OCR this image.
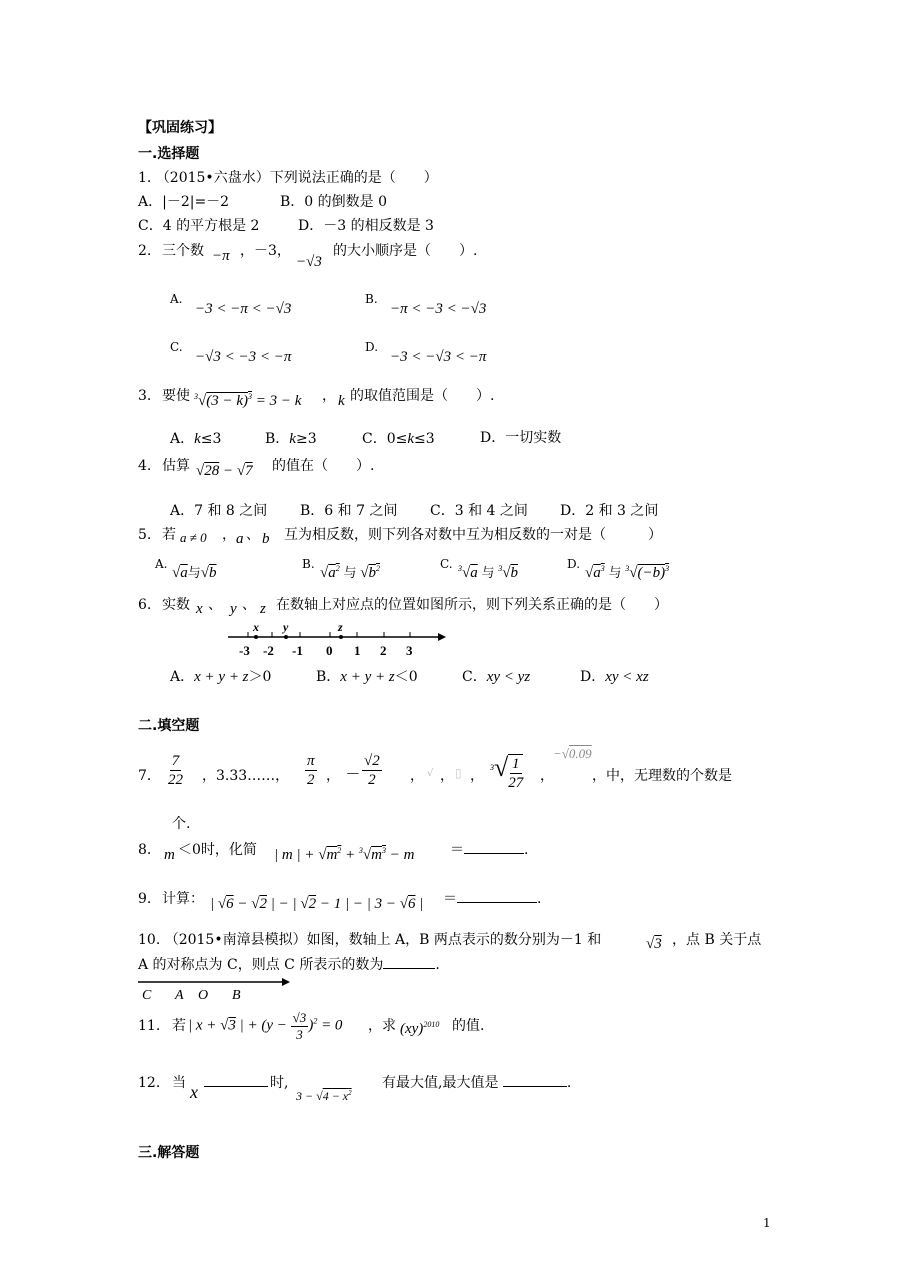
【巩固练习】
一.选择题
1. （2015•六盘水）下列说法正确的是（　　）
A．|－2|=－2	B．0 的倒数是 0
C．4 的平方根是 2	D．－3 的相反数是 3
2. 三个数 −π ，－3，
−√3
的大小顺序是（　　）.
A.
−3 < −π < −√3
B.
−π < −3 < −√3
C.
−√3 < −3 < −π
D.
−3 < −√3 < −π
3. 要使 $^3√(3 - k)^3 = 3 - k$ ， k 的取值范围是（　　）.
A．k≤3	B．k≥3	C．0≤k≤3	D．一切实数
4. 估算 √28 − √7 的值在（　　）.
A．7 和 8 之间 B．6 和 7 之间 C．3 和 4 之间 D．2 和 3 之间
5. 若 a ≠ 0 ， a 、 b 互为相反数，则下列各对数中互为相反数的一对是（　　　）
A.
√a与√b
B.
$√a^2$ 与 $√b^2$	C. $^3$√a 与 $^3$√b
D.
$√a^3$ 与 $^3√(-b)^3$
6. 实数 x 、 y 、 z 在数轴上对应点的位置如图所示，则下列关系正确的是（　　）
-3 -2 -1 0 1 2 3
x y	z
A．x + y + z＞0	B．x + y + z＜0	C．xy < yz	D．xy < xz
二.填空题
7． $\frac{7}{22}$ ，3.33……， $\frac{\pi}{2}$ ， － $\frac{√2}{2}$ ， √ ， ▯ ，
$^3√ \frac{1}{27}$ ，
−√0.09
，中，无理数的个数是
个.
8. m ＜0时，化简 | m | + $√m^2 + ^3√m^3 - m$	＝	.
9. 计算： | √6 − √2 | − | √2 − 1 | − | 3 − √6 | ＝	.
10. （2015•南漳县模拟）如图，数轴上 A，B 两点表示的数分别为－1 和	√3 ，点 B 关于点
A 的对称点为 C，则点 C 所表示的数为	.
C A O B
11. 若 | x + √3 | + $(y - \frac{√3}{3} )^2 = 0$ ，求 (xy)$^{2010}$ 的值.
12. 当 x	时,
$3 - √4 - x^2$
有最大值,最大值是	.
三.解答题
1
